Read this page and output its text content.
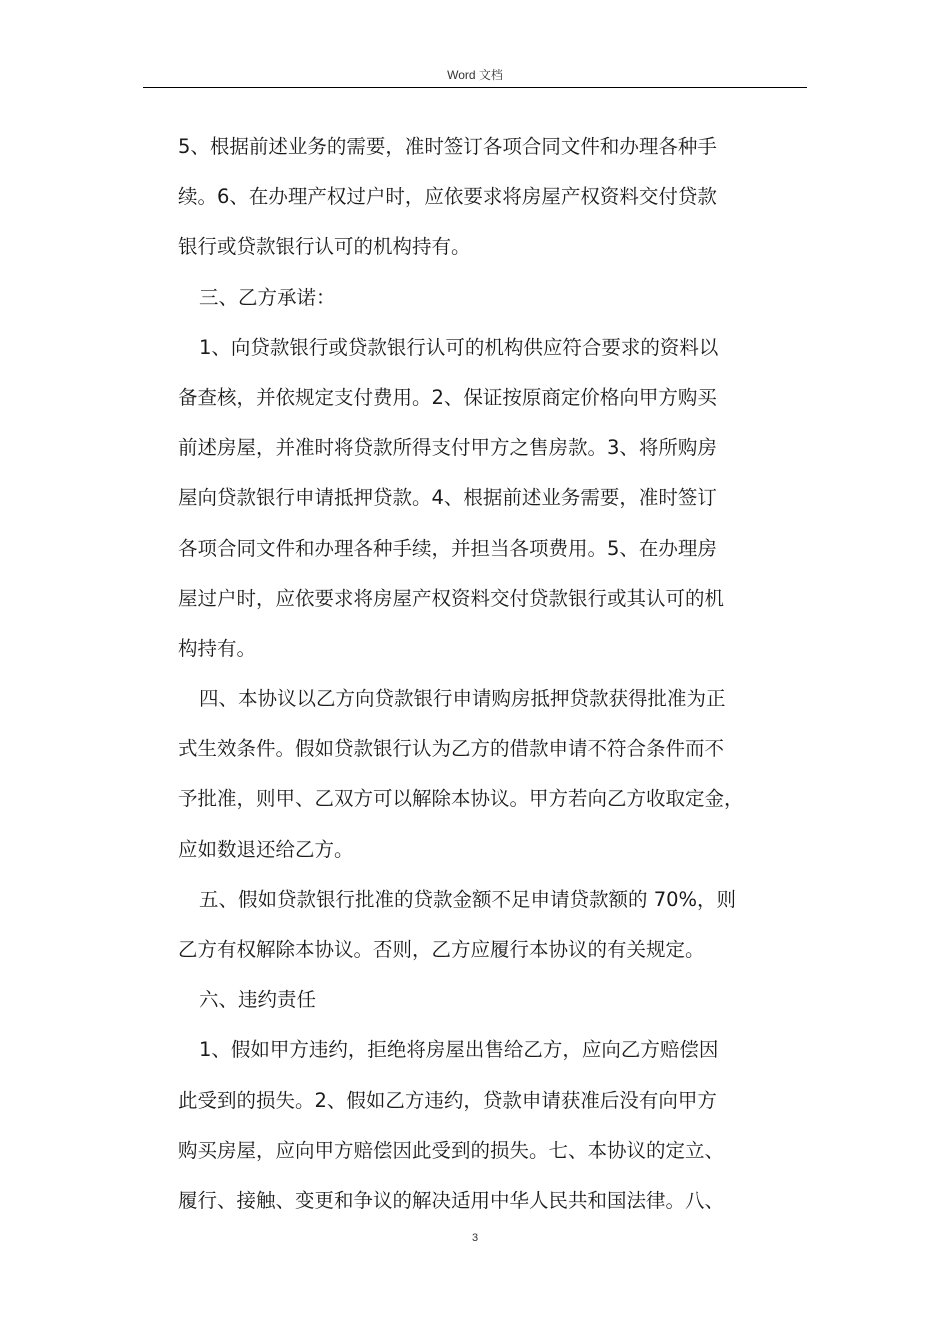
Word 文档
5、根据前述业务的需要，准时签订各项合同文件和办理各种手
续。6、在办理产权过户时，应依要求将房屋产权资料交付贷款
银行或贷款银行认可的机构持有。
三、乙方承诺：
1、向贷款银行或贷款银行认可的机构供应符合要求的资料以
备查核，并依规定支付费用。2、保证按原商定价格向甲方购买
前述房屋，并准时将贷款所得支付甲方之售房款。3、将所购房
屋向贷款银行申请抵押贷款。4、根据前述业务需要，准时签订
各项合同文件和办理各种手续，并担当各项费用。5、在办理房
屋过户时，应依要求将房屋产权资料交付贷款银行或其认可的机
构持有。
四、本协议以乙方向贷款银行申请购房抵押贷款获得批准为正
式生效条件。假如贷款银行认为乙方的借款申请不符合条件而不
予批准，则甲、乙双方可以解除本协议。甲方若向乙方收取定金，
应如数退还给乙方。
五、假如贷款银行批准的贷款金额不足申请贷款额的 70%，则
乙方有权解除本协议。否则，乙方应履行本协议的有关规定。
六、违约责任
1、假如甲方违约，拒绝将房屋出售给乙方，应向乙方赔偿因
此受到的损失。2、假如乙方违约，贷款申请获准后没有向甲方
购买房屋，应向甲方赔偿因此受到的损失。七、本协议的定立、
履行、接触、变更和争议的解决适用中华人民共和国法律。八、
3
